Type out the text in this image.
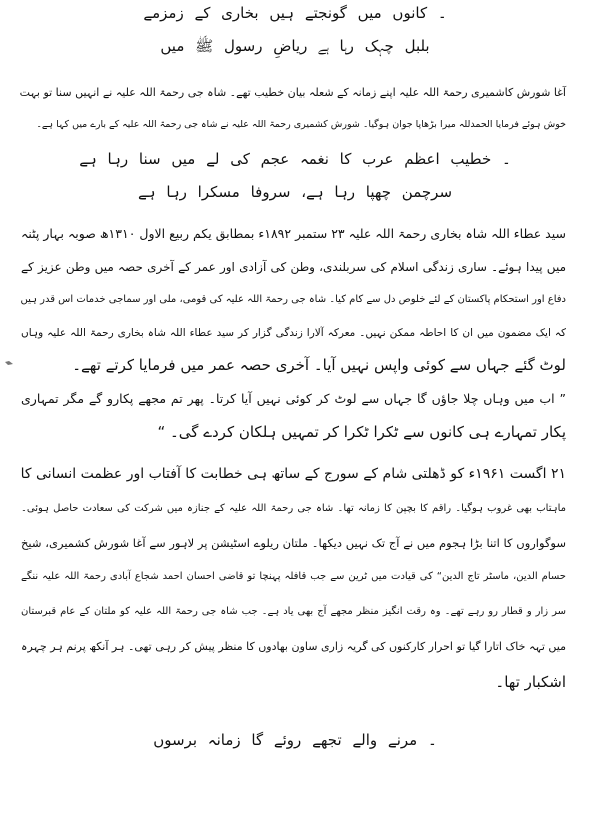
۔ کانوں میں گونجتے ہیں بخاری کے زمزمے
بلبل چہک رہا ہے ریاضِ رسول ﷺ میں
آغا شورش کاشمیری رحمۃ اللہ علیہ اپنے زمانہ کے شعلہ بیان خطیب تھے۔ شاہ جی رحمۃ اللہ علیہ نے انہیں سنا تو بہت
خوش ہوئے فرمایا الحمدللہ میرا بڑھاپا جوان ہوگیا۔ شورش کشمیری رحمۃ اللہ علیہ نے شاہ جی رحمۃ اللہ علیہ کے بارے میں کہا ہے۔
۔ خطیب اعظم عرب کا نغمہ عجم کی لے میں سنا رہا ہے
سرچمن چھپا رہا ہے، سروفا مسکرا رہا ہے
سید عطاء اللہ شاہ بخاری رحمۃ اللہ علیہ ۲۳ ستمبر ۱۸۹۲ء بمطابق یکم ربیع الاول ۱۳۱۰ھ صوبہ بہار پٹنہ
میں پیدا ہوئے۔ ساری زندگی اسلام کی سربلندی، وطن کی آزادی اور عمر کے آخری حصہ میں وطن عزیز کے
دفاع اور استحکام پاکستان کے لئے خلوص دل سے کام کیا۔ شاہ جی رحمۃ اللہ علیہ کی قومی، ملی اور سماجی خدمات اس قدر ہیں
کہ ایک مضمون میں ان کا احاطہ ممکن نہیں۔ معرکہ آلارا زندگی گزار کر سید عطاء اللہ شاہ بخاری رحمۃ اللہ علیہ وہاں
لوٹ گئے جہاں سے کوئی واپس نہیں آیا۔ آخری حصہ عمر میں فرمایا کرتے تھے۔
” اب میں وہاں چلا جاؤں گا جہاں سے لوٹ کر کوئی نہیں آیا کرتا۔ پھر تم مجھے پکارو گے مگر تمہاری
پکار تمہارے ہی کانوں سے ٹکرا ٹکرا کر تمہیں ہلکان کردے گی۔ “
۲۱ اگست ۱۹۶۱ء کو ڈھلتی شام کے سورج کے ساتھ ہی خطابت کا آفتاب اور عظمت انسانی کا
ماہتاب بھی غروب ہوگیا۔ راقم کا بچپن کا زمانہ تھا۔ شاہ جی رحمۃ اللہ علیہ کے جنازہ میں شرکت کی سعادت حاصل ہوئی۔
سوگواروں کا اتنا بڑا ہجوم میں نے آج تک نہیں دیکھا۔ ملتان ریلوے اسٹیشن پر لاہور سے آغا شورش کشمیری، شیخ
حسام الدین، ماسٹر تاج الدین“ کی قیادت میں ٹرین سے جب قافلہ پہنچا تو قاضی احسان احمد شجاع آبادی رحمۃ اللہ علیہ ننگے
سر زار و قطار رو رہے تھے۔ وہ رقت انگیز منظر مجھے آج بھی یاد ہے۔ جب شاہ جی رحمۃ اللہ علیہ کو ملتان کے عام قبرستان
میں تہہ خاک اتارا گیا تو احرار کارکنوں کی گریہ زاری ساون بھادوں کا منظر پیش کر رہی تھی۔ ہر آنکھ پرنم ہر چہرہ
اشکبار تھا۔
۔ مرنے والے تجھے روئے گا زمانہ برسوں
